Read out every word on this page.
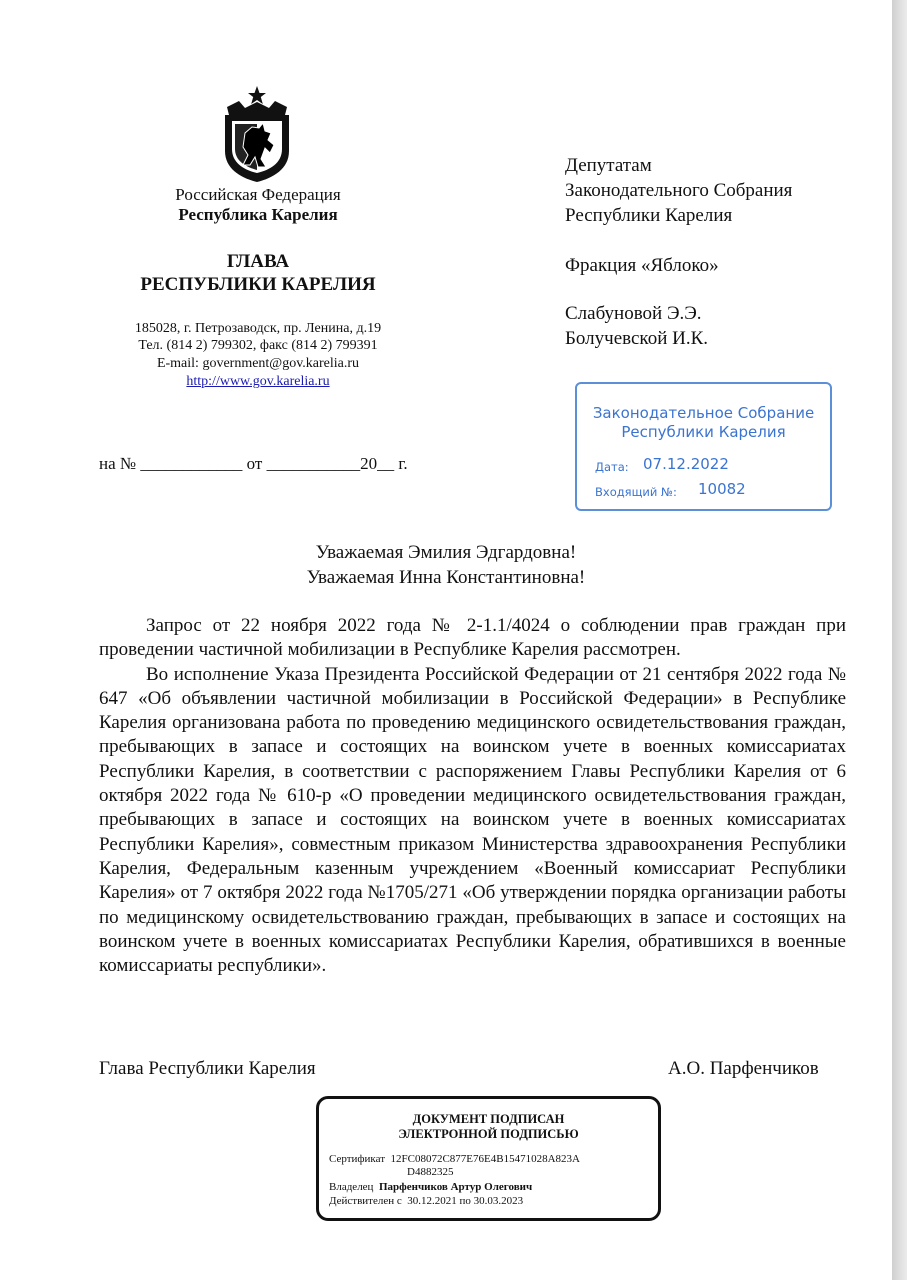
Российская Федерация
Республика Карелия
ГЛАВА
РЕСПУБЛИКИ КАРЕЛИЯ
185028, г. Петрозаводск, пр. Ленина, д.19
Тел. (814 2) 799302, факс (814 2) 799391
E-mail: government@gov.karelia.ru
http://www.gov.karelia.ru
на № ____________ от ___________20__ г.
Депутатам
Законодательного Собрания
Республики Карелия
Фракция «Яблоко»
Слабуновой Э.Э.
Болучевской И.К.
Законодательное Собрание
Республики Карелия
Дата: 07.12.2022
Входящий №: 10082
Уважаемая Эмилия Эдгардовна!
Уважаемая Инна Константиновна!

Запрос от 22 ноября 2022 года № 2-1.1/4024 о соблюдении прав граждан при проведении частичной мобилизации в Республике Карелия рассмотрен.

Во исполнение Указа Президента Российской Федерации от 21 сентября 2022 года № 647 «Об объявлении частичной мобилизации в Российской Федерации» в Республике Карелия организована работа по проведению медицинского освидетельствования граждан, пребывающих в запасе и состоящих на воинском учете в военных комиссариатах Республики Карелия, в соответствии с распоряжением Главы Республики Карелия от 6 октября 2022 года № 610-р «О проведении медицинского освидетельствования граждан, пребывающих в запасе и состоящих на воинском учете в военных комиссариатах Республики Карелия», совместным приказом Министерства здравоохранения Республики Карелия, Федеральным казенным учреждением «Военный комиссариат Республики Карелия» от 7 октября 2022 года №1705/271 «Об утверждении порядка организации работы по медицинскому освидетельствованию граждан, пребывающих в запасе и состоящих на воинском учете в военных комиссариатах Республики Карелия, обратившихся в военные комиссариаты республики».

Глава Республики Карелия	А.О. Парфенчиков
ДОКУМЕНТ ПОДПИСАН
ЭЛЕКТРОННОЙ ПОДПИСЬЮ
Сертификат 12FC08072C877E76E4B15471028A823A
D4882325
Владелец Парфенчиков Артур Олегович
Действителен с 30.12.2021 по 30.03.2023
